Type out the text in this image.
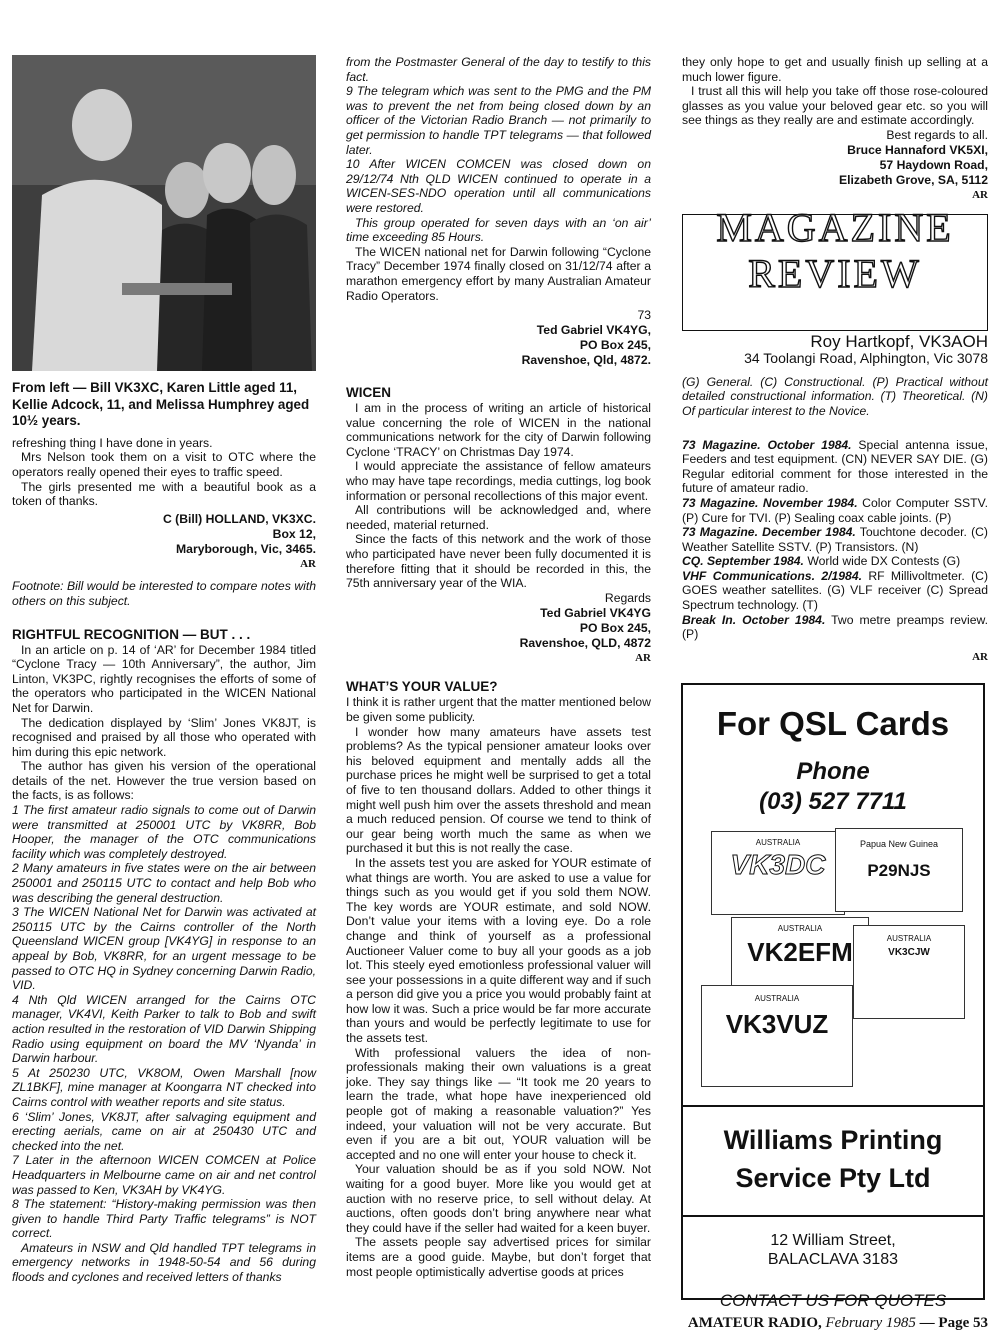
From left — Bill VK3XC, Karen Little aged 11, Kellie Adcock, 11, and Melissa Humphrey aged 10½ years.

refreshing thing I have done in years.

Mrs Nelson took them on a visit to OTC where the operators really opened their eyes to traffic speed.

The girls presented me with a beautiful book as a token of thanks.

C (Bill) HOLLAND, VK3XC.

Box 12,

Maryborough, Vic, 3465.

AR

Footnote: Bill would be interested to compare notes with others on this subject.

RIGHTFUL RECOGNITION — BUT . . .

In an article on p. 14 of ‘AR’ for December 1984 titled “Cyclone Tracy — 10th Anniversary”, the author, Jim Linton, VK3PC, rightly recognises the efforts of some of the operators who participated in the WICEN National Net for Darwin.

The dedication displayed by ‘Slim’ Jones VK8JT, is recognised and praised by all those who operated with him during this epic network.

The author has given his version of the operational details of the net. However the true version based on the facts, is as follows:

1 The first amateur radio signals to come out of Darwin were transmitted at 250001 UTC by VK8RR, Bob Hooper, the manager of the OTC communications facility which was completely destroyed.

2 Many amateurs in five states were on the air between 250001 and 250115 UTC to contact and help Bob who was describing the general destruction.

3 The WICEN National Net for Darwin was activated at 250115 UTC by the Cairns controller of the North Queensland WICEN group [VK4YG] in response to an appeal by Bob, VK8RR, for an urgent message to be passed to OTC HQ in Sydney concerning Darwin Radio, VID.

4 Nth Qld WICEN arranged for the Cairns OTC manager, VK4VI, Keith Parker to talk to Bob and swift action resulted in the restoration of VID Darwin Shipping Radio using equipment on board the MV ‘Nyanda’ in Darwin harbour.

5 At 250230 UTC, VK8OM, Owen Marshall [now ZL1BKF], mine manager at Koongarra NT checked into Cairns control with weather reports and site status.

6 ‘Slim’ Jones, VK8JT, after salvaging equipment and erecting aerials, came on air at 250430 UTC and checked into the net.

7 Later in the afternoon WICEN COMCEN at Police Headquarters in Melbourne came on air and net control was passed to Ken, VK3AH by VK4YG.

8 The statement: “History-making permission was then given to handle Third Party Traffic telegrams” is NOT correct.

Amateurs in NSW and Qld handled TPT telegrams in emergency networks in 1948-50-54 and 56 during floods and cyclones and received letters of thanks

from the Postmaster General of the day to testify to this fact.

9 The telegram which was sent to the PMG and the PM was to prevent the net from being closed down by an officer of the Victorian Radio Branch — not primarily to get permission to handle TPT telegrams — that followed later.

10 After WICEN COMCEN was closed down on 29/12/74 Nth QLD WICEN continued to operate in a WICEN-SES-NDO operation until all communications were restored.

This group operated for seven days with an ‘on air’ time exceeding 85 Hours.

The WICEN national net for Darwin following “Cyclone Tracy” December 1974 finally closed on 31/12/74 after a marathon emergency effort by many Australian Amateur Radio Operators.

73

Ted Gabriel VK4YG,

PO Box 245,

Ravenshoe, Qld, 4872.

WICEN

I am in the process of writing an article of historical value concerning the role of WICEN in the national communications network for the city of Darwin following Cyclone ‘TRACY’ on Christmas Day 1974.

I would appreciate the assistance of fellow amateurs who may have tape recordings, media cuttings, log book information or personal recollections of this major event.

All contributions will be acknowledged and, where needed, material returned.

Since the facts of this network and the work of those who participated have never been fully documented it is therefore fitting that it should be recorded in this, the 75th anniversary year of the WIA.

Regards

Ted Gabriel VK4YG

PO Box 245,

Ravenshoe, QLD, 4872

AR
WHAT’S YOUR VALUE?

I think it is rather urgent that the matter mentioned below be given some publicity.

I wonder how many amateurs have assets test problems? As the typical pensioner amateur looks over his beloved equipment and mentally adds all the purchase prices he might well be surprised to get a total of five to ten thousand dollars. Added to other things it might well push him over the assets threshold and mean a much reduced pension. Of course we tend to think of our gear being worth much the same as when we purchased it but this is not really the case.

In the assets test you are asked for YOUR estimate of what things are worth. You are asked to use a value for things such as you would get if you sold them NOW. The key words are YOUR estimate, and sold NOW. Don’t value your items with a loving eye. Do a role change and think of yourself as a professional Auctioneer Valuer come to buy all your goods as a job lot. This steely eyed emotionless professional valuer will see your possessions in a quite different way and if such a person did give you a price you would probably faint at how low it was. Such a price would be far more accurate than yours and would be perfectly legitimate to use for the assets test.

With professional valuers the idea of non-professionals making their own valuations is a great joke. They say things like — “It took me 20 years to learn the trade, what hope have inexperienced old people got of making a reasonable valuation?” Yes indeed, your valuation will not be very accurate. But even if you are a bit out, YOUR valuation will be accepted and no one will enter your house to check it.

Your valuation should be as if you sold NOW. Not waiting for a good buyer. More like you would get at auction with no reserve price, to sell without delay. At auctions, often goods don’t bring anywhere near what they could have if the seller had waited for a keen buyer.

The assets people say advertised prices for similar items are a good guide. Maybe, but don’t forget that most people optimistically advertise goods at prices

they only hope to get and usually finish up selling at a much lower figure.

I trust all this will help you take off those rose-coloured glasses as you value your beloved gear etc. so you will see things as they really are and estimate accordingly.

Best regards to all.

Bruce Hannaford VK5XI,

57 Haydown Road,

Elizabeth Grove, SA, 5112

AR
MAGAZINE
REVIEW
Roy Hartkopf, VK3AOH
34 Toolangi Road, Alphington, Vic 3078

(G) General. (C) Constructional. (P) Practical without detailed constructional information. (T) Theoretical. (N) Of particular interest to the Novice.

73 Magazine. October 1984. Special antenna issue, Feeders and test equipment. (CN) NEVER SAY DIE. (G) Regular editorial comment for those interested in the future of amateur radio.

73 Magazine. November 1984. Color Computer SSTV. (P) Cure for TVI. (P) Sealing coax cable joints. (P)

73 Magazine. December 1984. Touchtone decoder. (C) Weather Satellite SSTV. (P) Transistors. (N)

CQ. September 1984. World wide DX Contests (G)

VHF Communications. 2/1984. RF Millivoltmeter. (C) GOES weather satellites. (G) VLF receiver (C) Spread Spectrum technology. (T)

Break In. October 1984. Two metre preamps review. (P)

AR
For QSL Cards
Phone
(03) 527 7711
AUSTRALIA
VK3DC
Papua New Guinea
P29NJS
AUSTRALIA
VK2EFM	AUSTRALIA
VK3CJW
AUSTRALIA
VK3VUZ
Williams Printing
Service Pty Ltd
12 William Street,
BALACLAVA 3183
CONTACT US FOR QUOTES
AMATEUR RADIO, February 1985 — Page 53
